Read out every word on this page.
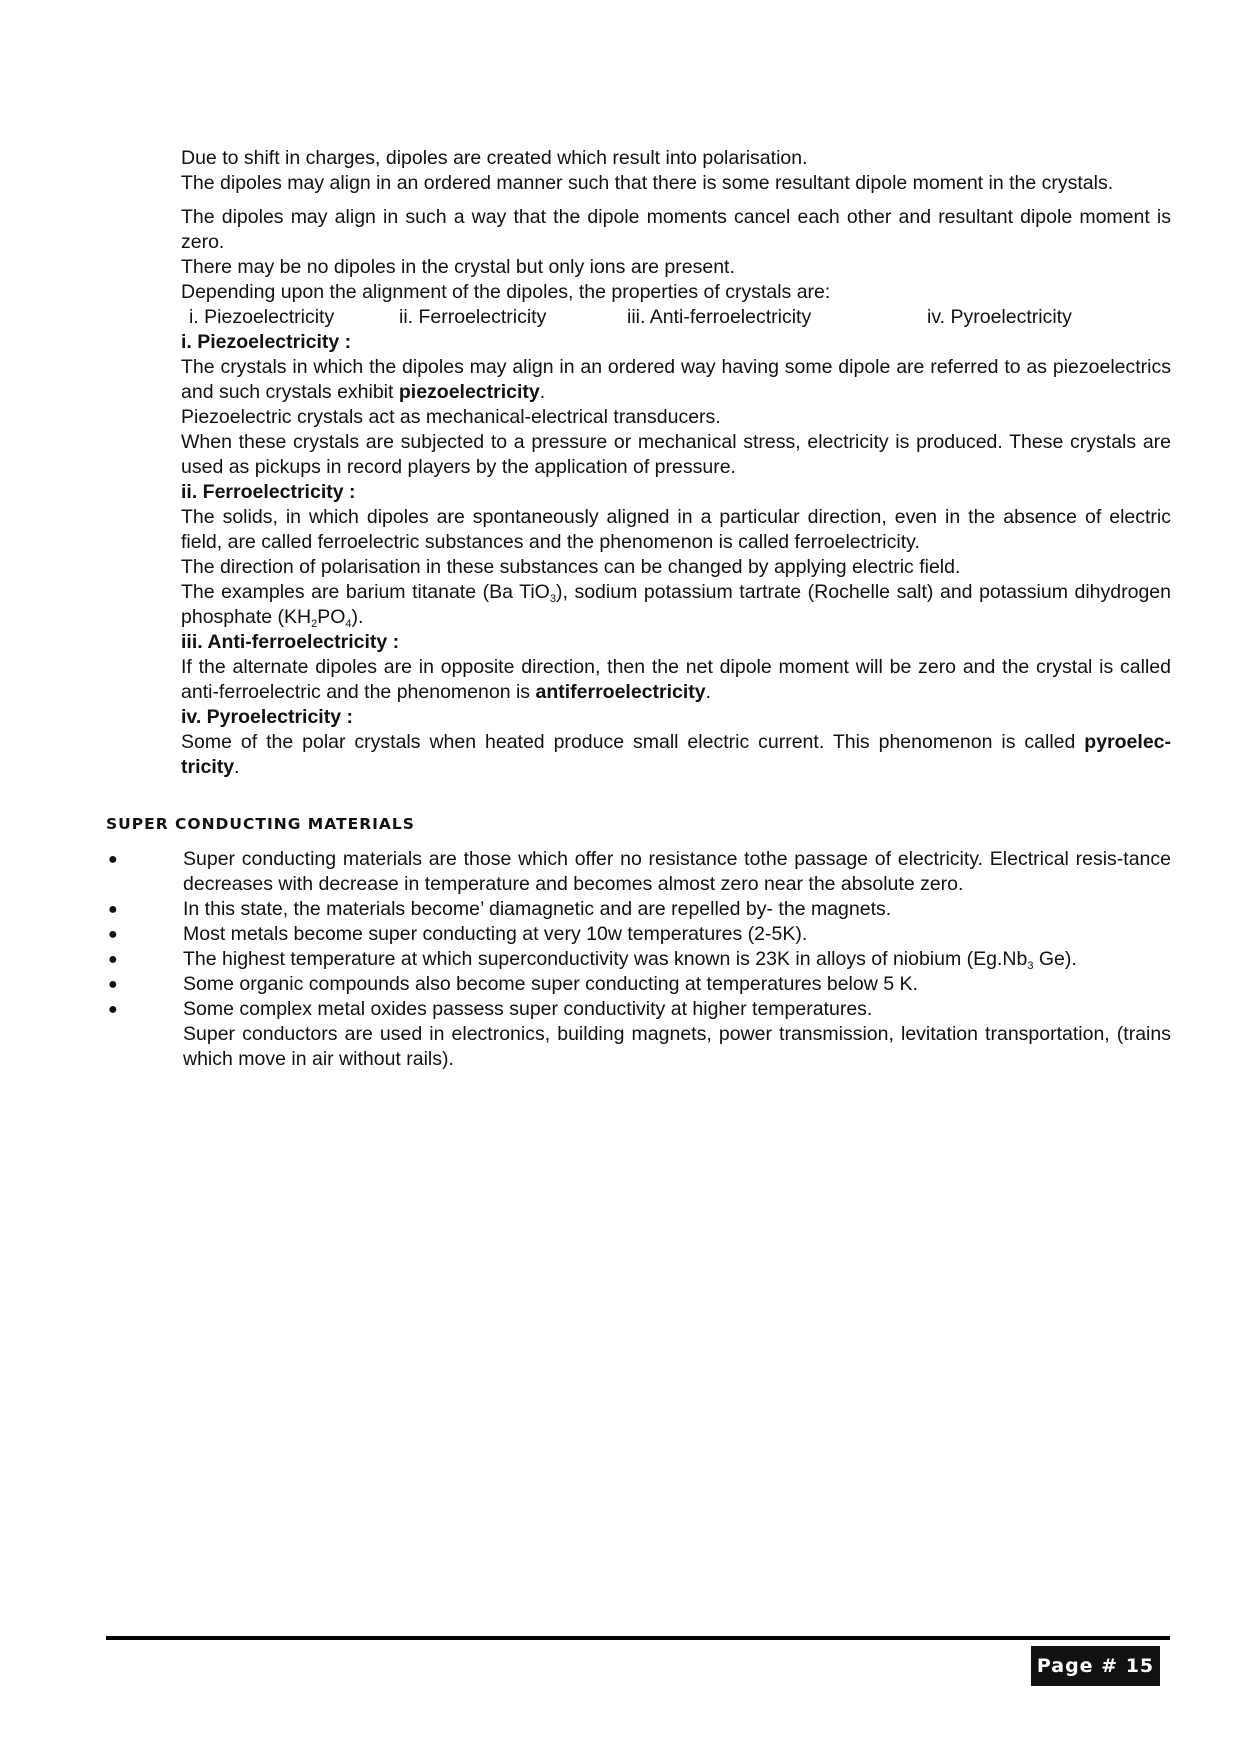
Due to shift in charges, dipoles are created which result into polarisation.
The dipoles may align in an ordered manner such that there is some resultant dipole moment in the crystals.
The dipoles may align in such a way that the dipole moments cancel each other and resultant dipole moment is zero.
There may be no dipoles in the crystal but only ions are present.
Depending upon the alignment of the dipoles, the properties of crystals are:
i. Piezoelectricity	ii. Ferroelectricity	iii. Anti-ferroelectricity	iv. Pyroelectricity
i. Piezoelectricity :
The crystals in which the dipoles may align in an ordered way having some dipole are referred to as piezoelectrics and such crystals exhibit piezoelectricity.
Piezoelectric crystals act as mechanical-electrical transducers.
When these crystals are subjected to a pressure or mechanical stress, electricity is produced. These crystals are used as pickups in record players by the application of pressure.
ii. Ferroelectricity :
The solids, in which dipoles are spontaneously aligned in a particular direction, even in the absence of electric field, are called ferroelectric substances and the phenomenon is called ferroelectricity.
The direction of polarisation in these substances can be changed by applying electric field.
The examples are barium titanate (Ba TiO$_3$), sodium potassium tartrate (Rochelle salt) and potassium dihydrogen phosphate $(KH_2PO_4)$.
iii. Anti-ferroelectricity :
If the alternate dipoles are in opposite direction, then the net dipole moment will be zero and the crystal is called anti-ferroelectric and the phenomenon is antiferroelectricity.
iv. Pyroelectricity :
Some of the polar crystals when heated produce small electric current. This phenomenon is called pyroelec-tricity.
SUPER CONDUCTING MATERIALS
●	Super conducting materials are those which offer no resistance tothe passage of electricity. Electrical resis-tance decreases with decrease in temperature and becomes almost zero near the absolute zero.
●	In this state, the materials become’ diamagnetic and are repelled by- the magnets.
●	Most metals become super conducting at very 10w temperatures (2-5K).
●	The highest temperature at which superconductivity was known is 23K in alloys of niobium ($Eg.Nb_3$ Ge).
●	Some organic compounds also become super conducting at temperatures below 5 K.
●	Some complex metal oxides passess super conductivity at higher temperatures.
Super conductors are used in electronics, building magnets, power transmission, levitation transportation, (trains which move in air without rails).
Page # 15
